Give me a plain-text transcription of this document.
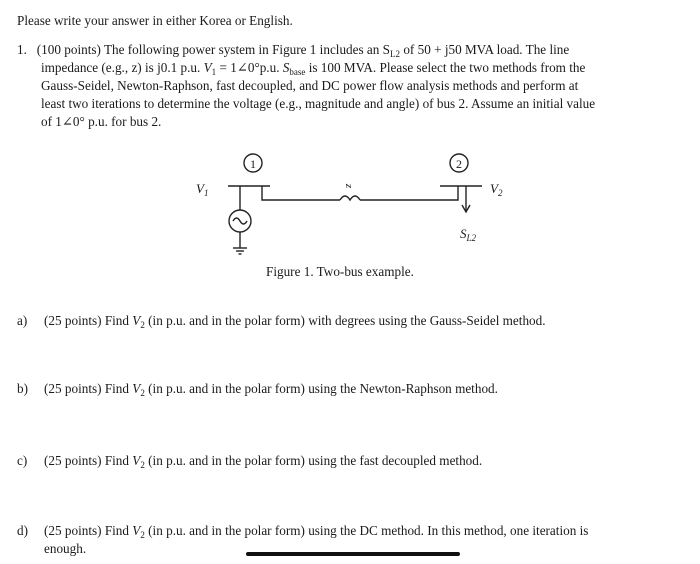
Please write your answer in either Korea or English.
1. (100 points) The following power system in Figure 1 includes an $S_{L2}$ of 50 + j50 MVA load. The line
impedance (e.g., z) is j0.1 p.u. $V_1$ = 1∠0°p.u. $S_{base}$ is 100 MVA. Please select the two methods from the
Gauss-Seidel, Newton-Raphson, fast decoupled, and DC power flow analysis methods and perform at
least two iterations to determine the voltage (e.g., magnitude and angle) of bus 2. Assume an initial value
of 1∠0° p.u. for bus 2.
1	2
$V_1$	$V_2$
z
$S_{L2}$
Figure 1. Two-bus example.
a) (25 points) Find $V_2$ (in p.u. and in the polar form) with degrees using the Gauss-Seidel method.
b) (25 points) Find $V_2$ (in p.u. and in the polar form) using the Newton-Raphson method.
c) (25 points) Find $V_2$ (in p.u. and in the polar form) using the fast decoupled method.
d) (25 points) Find $V_2$ (in p.u. and in the polar form) using the DC method. In this method, one iteration is
enough.
